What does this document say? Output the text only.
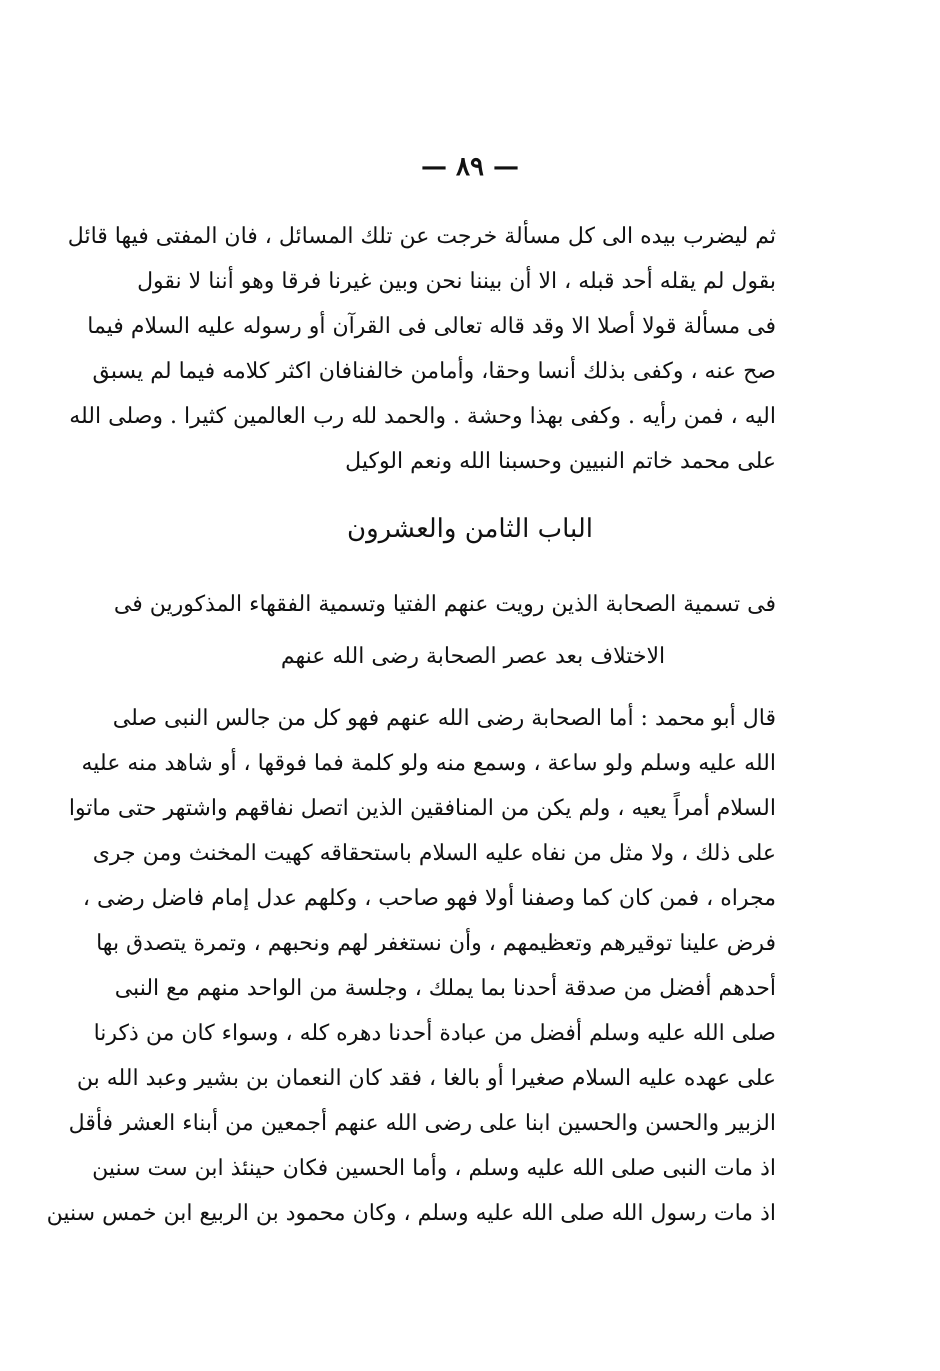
— ٨٩ —
ثم ليضرب بيده الى كل مسألة خرجت عن تلك المسائل ، فان المفتى فيها قائل
بقول لم يقله أحد قبله ، الا أن بيننا نحن وبين غيرنا فرقا وهو أننا لا نقول
فى مسألة قولا أصلا الا وقد قاله تعالى فى القرآن أو رسوله عليه السلام فيما
صح عنه ، وكفى بذلك أنسا وحقا، وأمامن خالفنافان اكثر كلامه فيما لم يسبق
اليه ، فمن رأيه . وكفى بهذا وحشة . والحمد لله رب العالمين كثيرا . وصلى الله
على محمد خاتم النبيين وحسبنا الله ونعم الوكيل
الباب الثامن والعشرون
فى تسمية الصحابة الذين رويت عنهم الفتيا وتسمية الفقهاء المذكورين فى
الاختلاف بعد عصر الصحابة رضى الله عنهم
قال أبو محمد : أما الصحابة رضى الله عنهم فهو كل من جالس النبى صلى
الله عليه وسلم ولو ساعة ، وسمع منه ولو كلمة فما فوقها ، أو شاهد منه عليه
السلام أمراً يعيه ، ولم يكن من المنافقين الذين اتصل نفاقهم واشتهر حتى ماتوا
على ذلك ، ولا مثل من نفاه عليه السلام باستحقاقه كهيت المخنث ومن جرى
مجراه ، فمن كان كما وصفنا أولا فهو صاحب ، وكلهم عدل إمام فاضل رضى ،
فرض علينا توقيرهم وتعظيمهم ، وأن نستغفر لهم ونحبهم ، وتمرة يتصدق بها
أحدهم أفضل من صدقة أحدنا بما يملك ، وجلسة من الواحد منهم مع النبى
صلى الله عليه وسلم أفضل من عبادة أحدنا دهره كله ، وسواء كان من ذكرنا
على عهده عليه السلام صغيرا أو بالغا ، فقد كان النعمان بن بشير وعبد الله بن
الزبير والحسن والحسين ابنا على رضى الله عنهم أجمعين من أبناء العشر فأقل
اذ مات النبى صلى الله عليه وسلم ، وأما الحسين فكان حينئذ ابن ست سنين
اذ مات رسول الله صلى الله عليه وسلم ، وكان محمود بن الربيع ابن خمس سنين
